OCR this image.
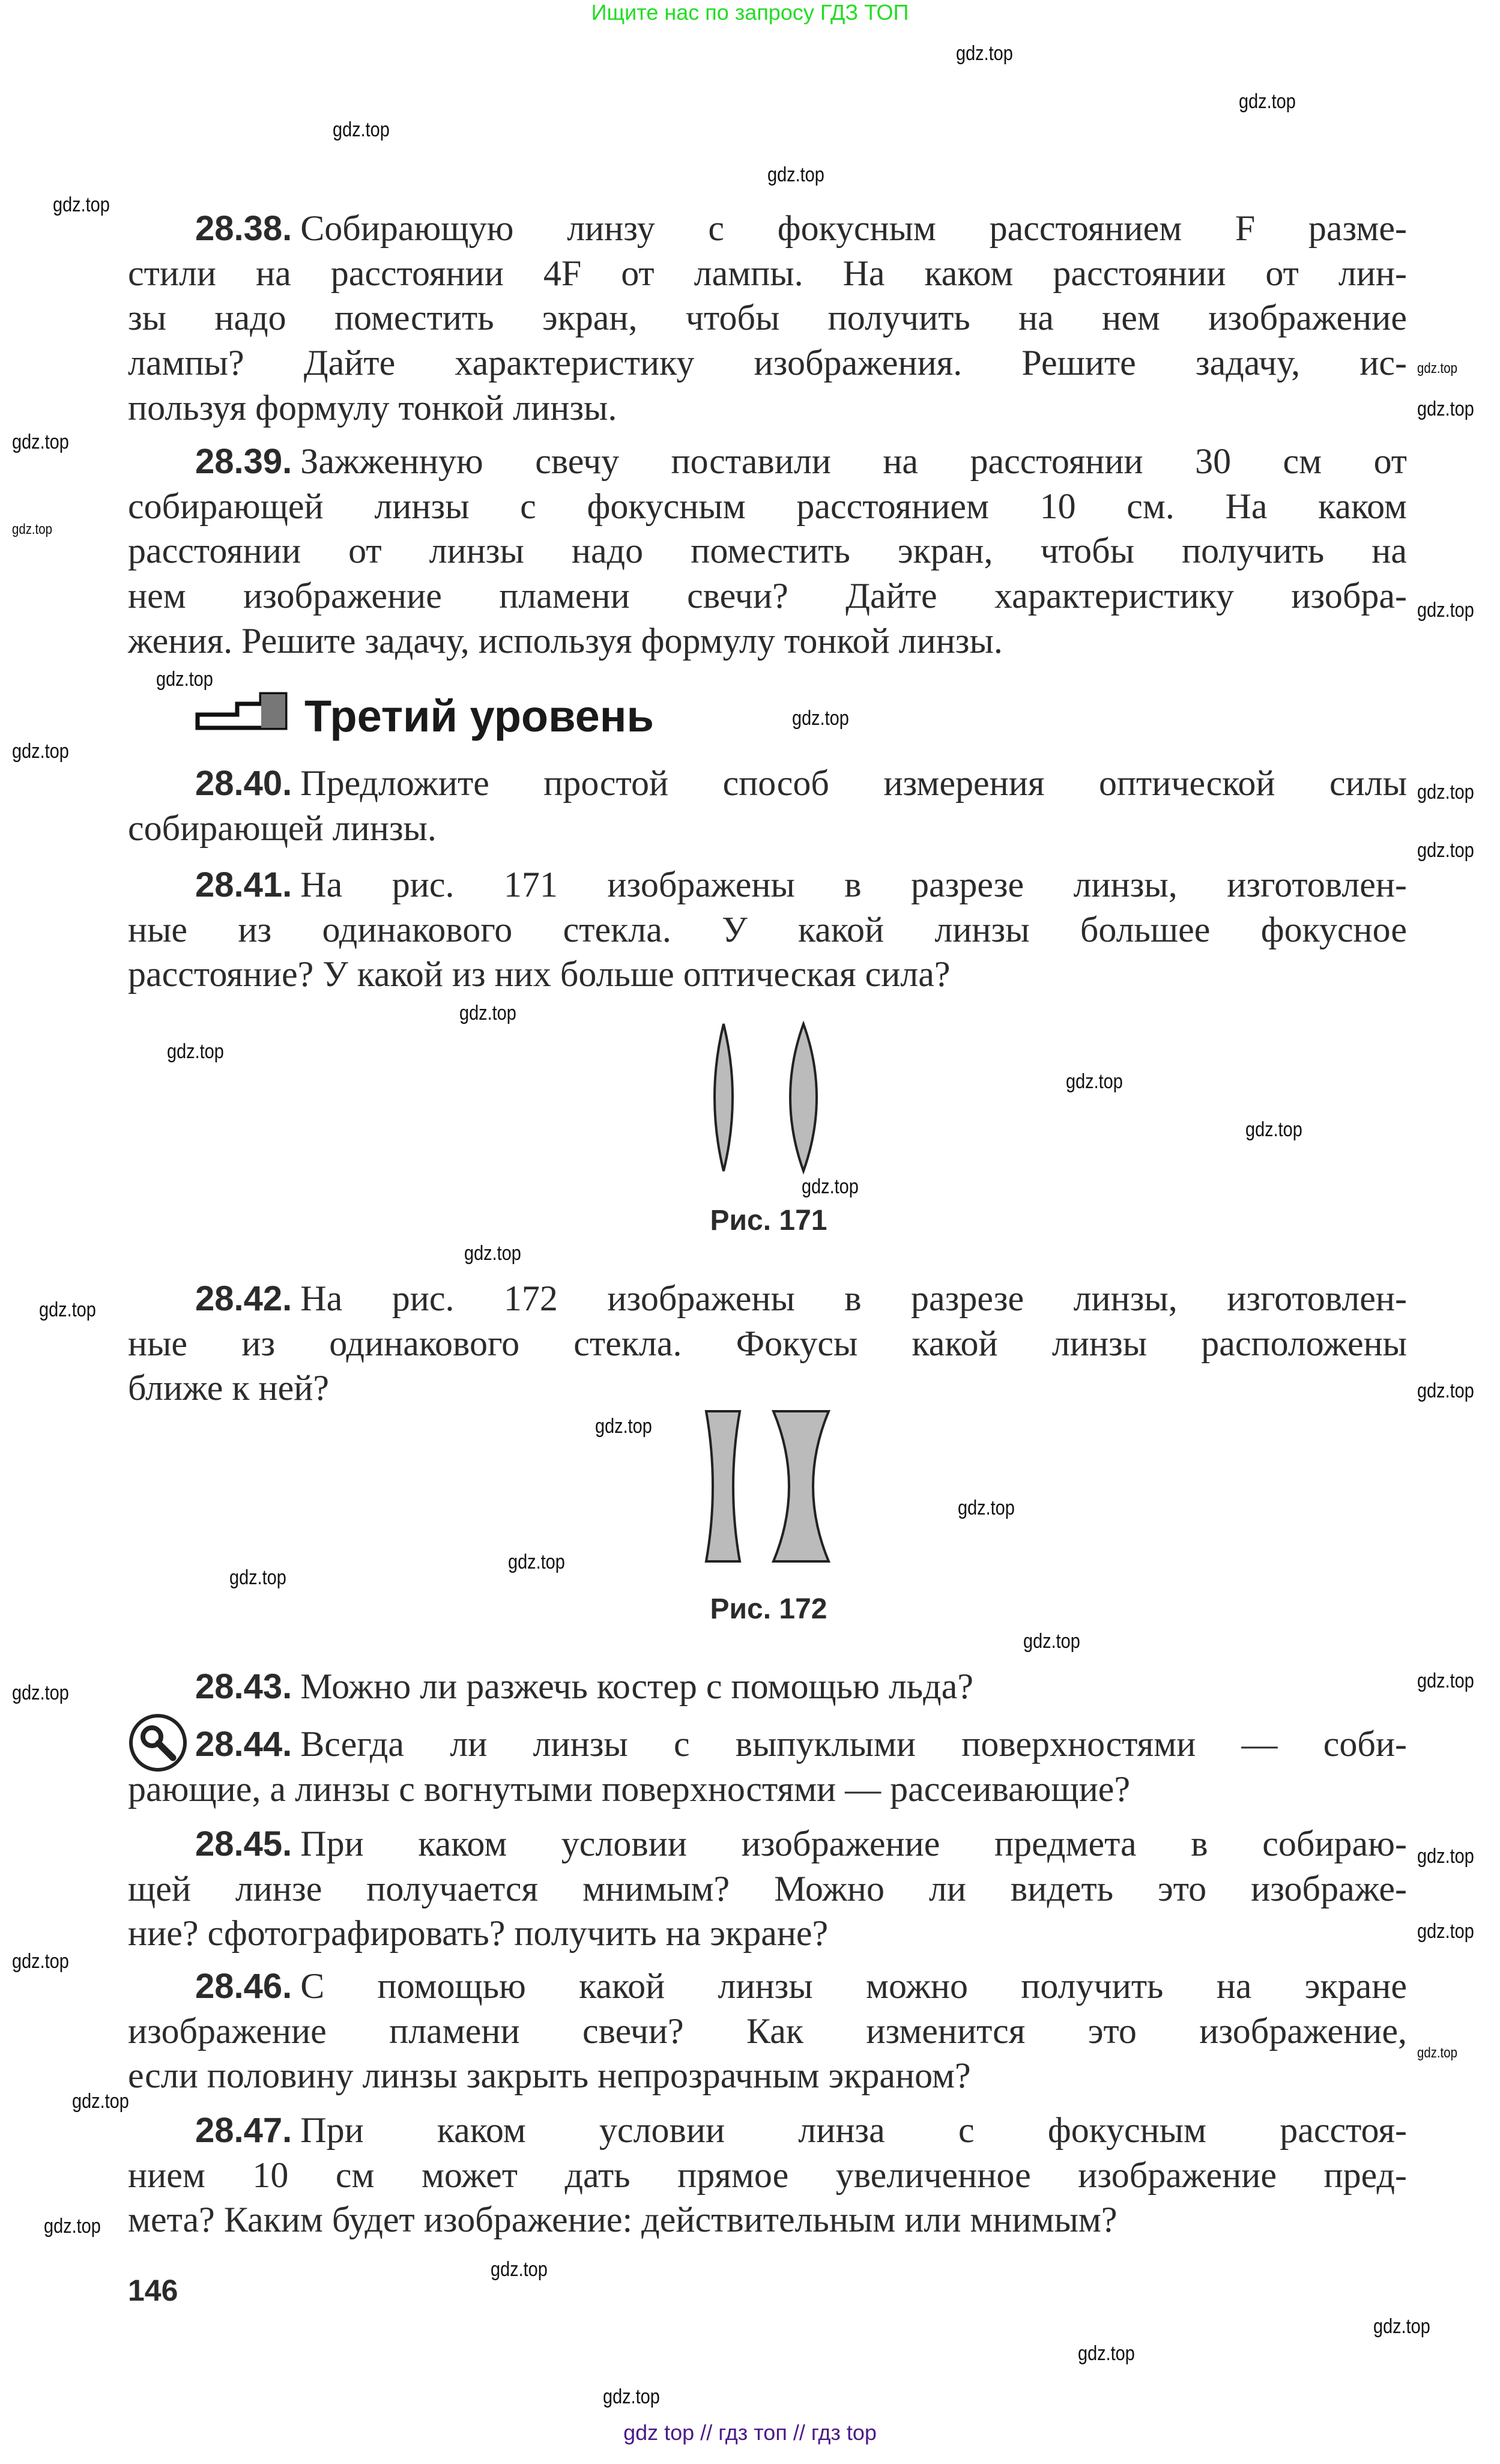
Ищите нас по запросу ГДЗ ТОП
gdz.top
gdz.top
gdz.top
gdz.top
gdz.top
gdz.top
gdz.top
gdz.top
gdz.top
gdz.top
gdz.top
gdz.top
gdz.top
gdz.top
gdz.top
gdz.top
gdz.top
gdz.top
gdz.top
gdz.top
gdz.top
gdz.top
gdz.top
gdz.top
gdz.top
gdz.top
gdz.top
gdz.top
gdz.top
gdz.top
gdz.top
gdz.top
gdz.top
gdz.top
gdz.top
gdz.top
gdz.top
gdz.top
gdz.top
gdz.top
28.38. Собирающую линзу с фокусным расстоянием F разме-
стили на расстоянии 4F от лампы. На каком расстоянии от лин-
зы надо поместить экран, чтобы получить на нем изображение
лампы? Дайте характеристику изображения. Решите задачу, ис-
пользуя формулу тонкой линзы.
28.39. Зажженную свечу поставили на расстоянии 30 см от
собирающей линзы с фокусным расстоянием 10 см. На каком
расстоянии от линзы надо поместить экран, чтобы получить на
нем изображение пламени свечи? Дайте характеристику изобра-
жения. Решите задачу, используя формулу тонкой линзы.
Третий уровень
28.40. Предложите простой способ измерения оптической силы
собирающей линзы.
28.41. На рис. 171 изображены в разрезе линзы, изготовлен-
ные из одинакового стекла. У какой линзы большее фокусное
расстояние? У какой из них больше оптическая сила?
Рис. 171
28.42. На рис. 172 изображены в разрезе линзы, изготовлен-
ные из одинакового стекла. Фокусы какой линзы расположены
ближе к ней?
Рис. 172
28.43. Можно ли разжечь костер с помощью льда?
28.44. Всегда ли линзы с выпуклыми поверхностями — соби-
рающие, а линзы с вогнутыми поверхностями — рассеивающие?
28.45. При каком условии изображение предмета в собираю-
щей линзе получается мнимым? Можно ли видеть это изображе-
ние? сфотографировать? получить на экране?
28.46. С помощью какой линзы можно получить на экране
изображение пламени свечи? Как изменится это изображение,
если половину линзы закрыть непрозрачным экраном?
28.47. При каком условии линза с фокусным расстоя-
нием 10 см может дать прямое увеличенное изображение пред-
мета? Каким будет изображение: действительным или мнимым?
146
gdz top // гдз топ // гдз top
